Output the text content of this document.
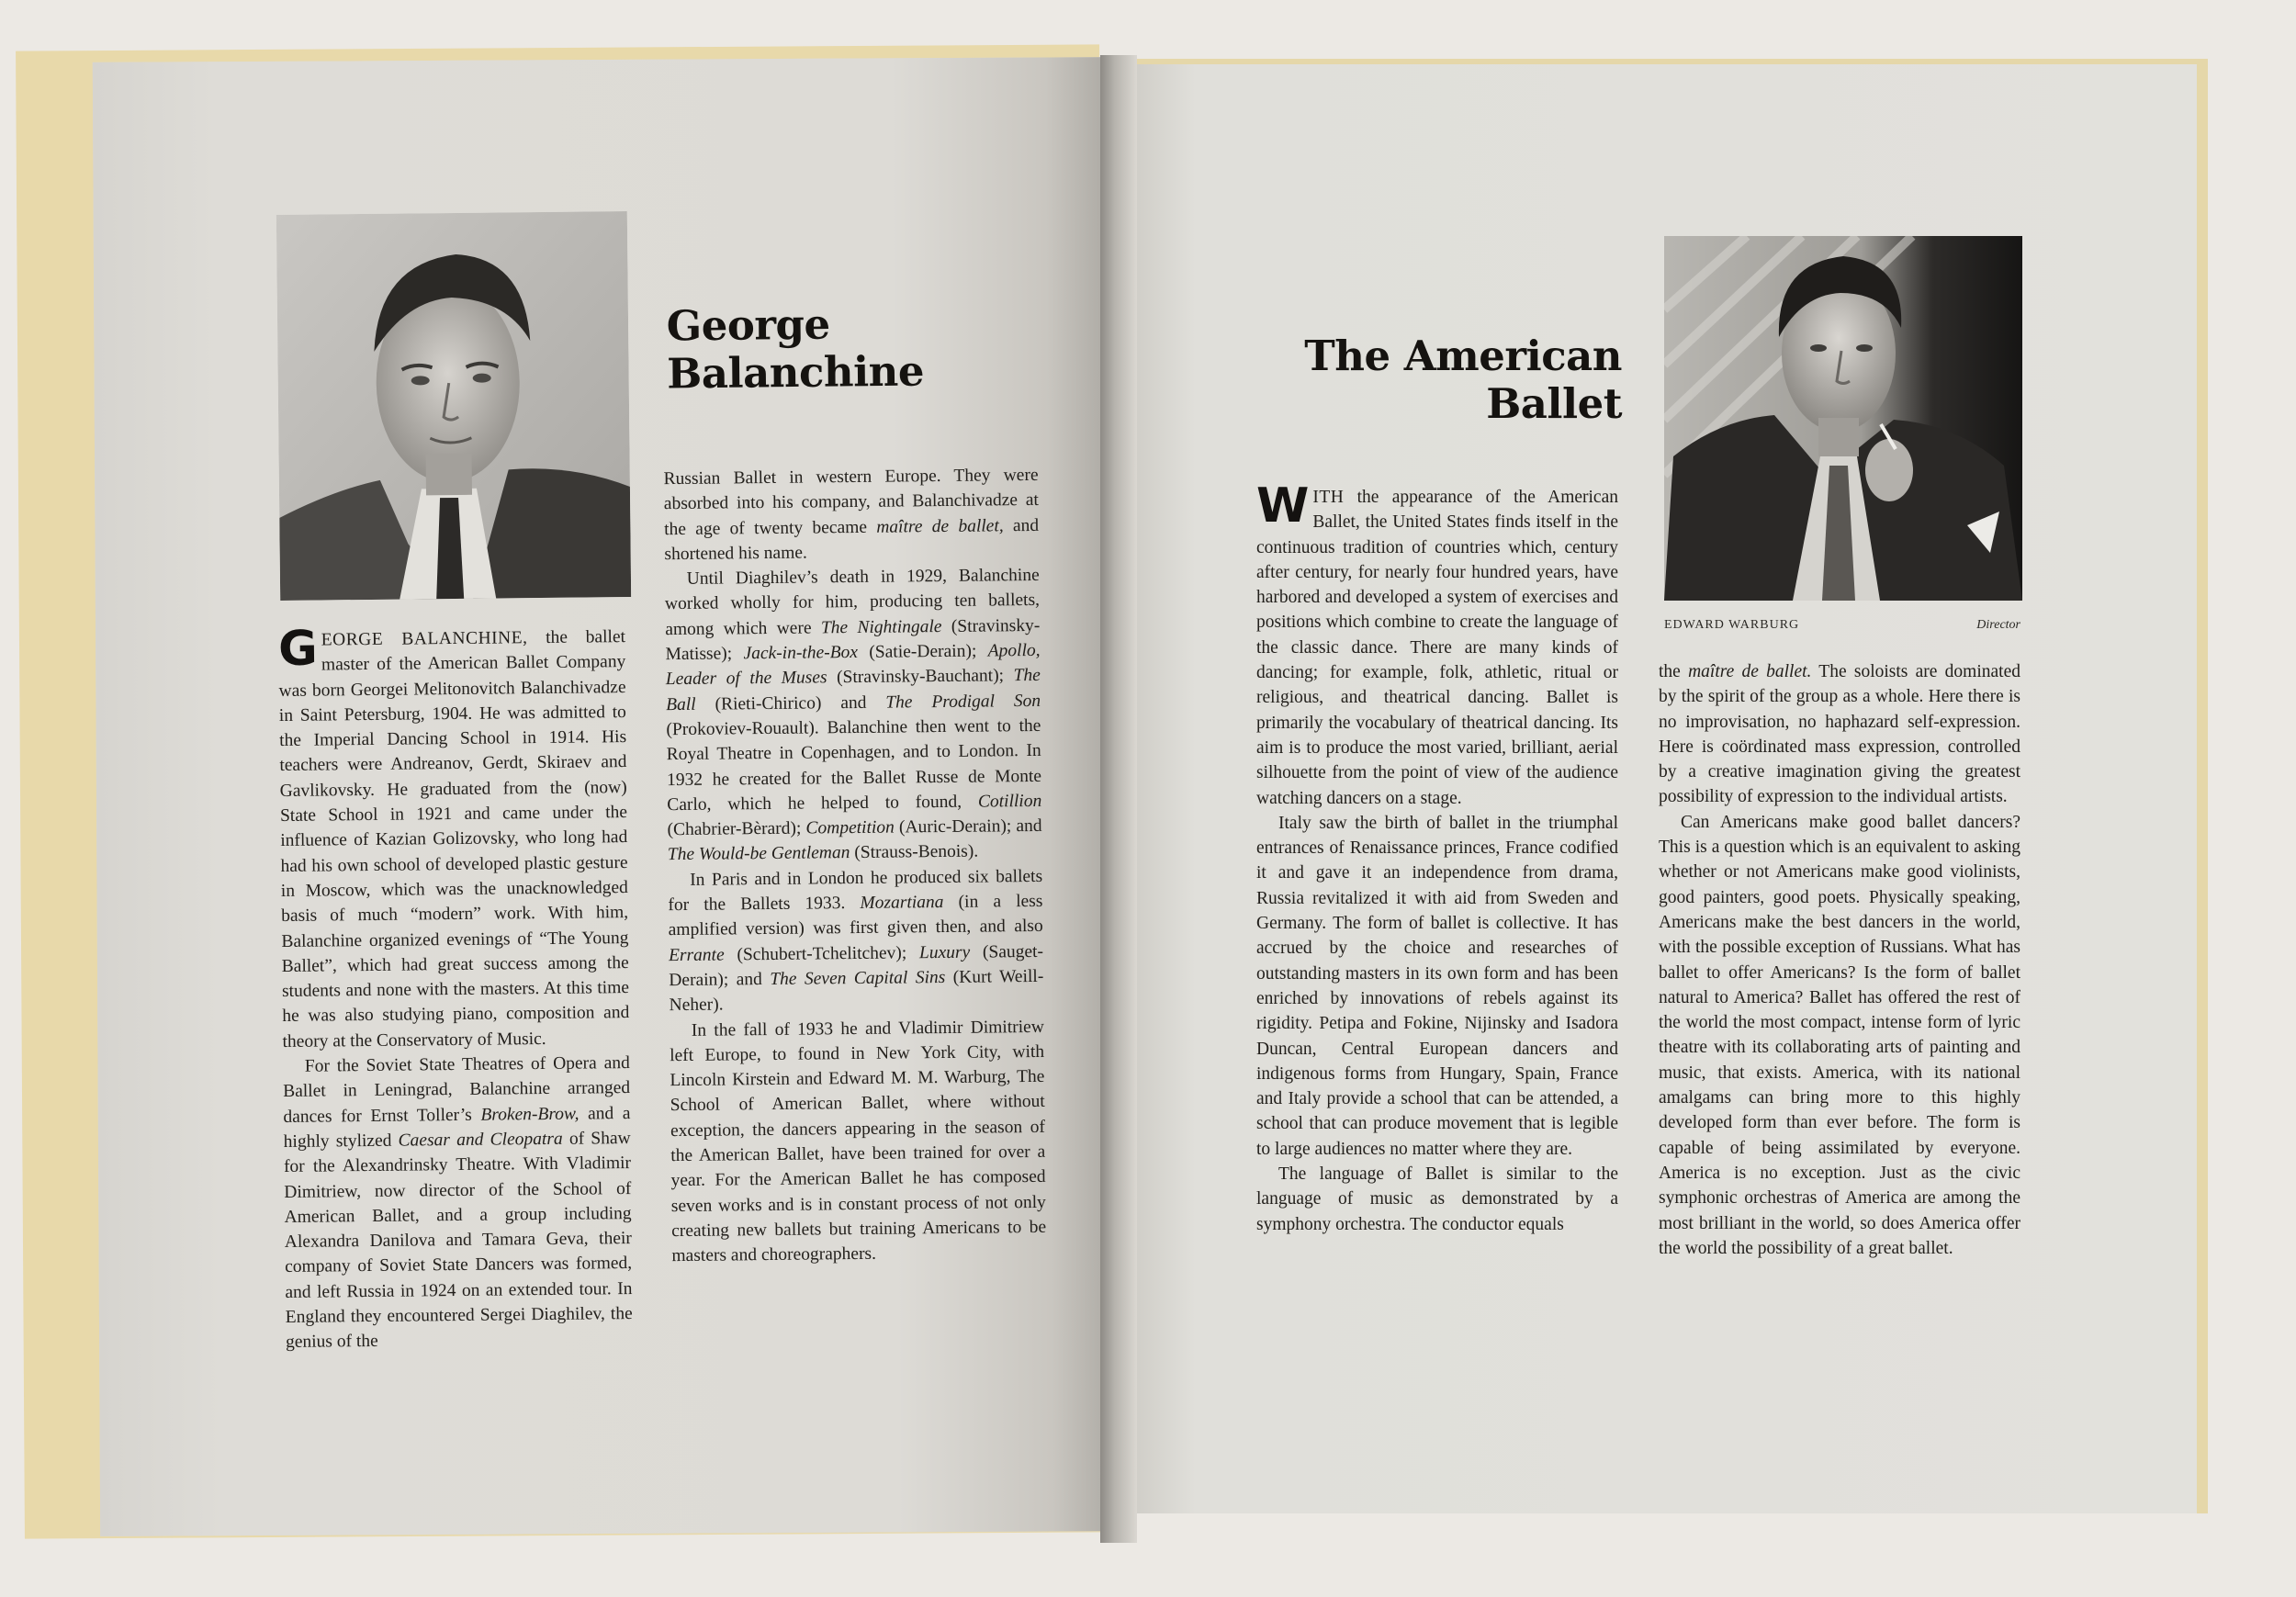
George
Balanchine

GEORGE BALANCHINE, the ballet master of the American Ballet Company was born Georgei Melitonovitch Balanchivadze in Saint Petersburg, 1904. He was admitted to the Imperial Dancing School in 1914. His teachers were Andreanov, Gerdt, Skiraev and Gavlikovsky. He graduated from the (now) State School in 1921 and came under the influence of Kazian Golizovsky, who long had had his own school of developed plastic gesture in Moscow, which was the unacknowledged basis of much “modern” work. With him, Balanchine organized evenings of “The Young Ballet”, which had great success among the students and none with the masters. At this time he was also studying piano, composition and theory at the Conservatory of Music.

For the Soviet State Theatres of Opera and Ballet in Leningrad, Balanchine arranged dances for Ernst Toller’s Broken-Brow, and a highly stylized Caesar and Cleopatra of Shaw for the Alexandrinsky Theatre. With Vladimir Dimitriew, now director of the School of American Ballet, and a group including Alexandra Danilova and Tamara Geva, their company of Soviet State Dancers was formed, and left Russia in 1924 on an extended tour. In England they encountered Sergei Diaghilev, the genius of the

Russian Ballet in western Europe. They were absorbed into his company, and Balanchivadze at the age of twenty became maître de ballet, and shortened his name.

Until Diaghilev’s death in 1929, Balanchine worked wholly for him, producing ten ballets, among which were The Nightingale (Stravinsky-Matisse); Jack-in-the-Box (Satie-Derain); Apollo, Leader of the Muses (Stravinsky-Bauchant); The Ball (Rieti-Chirico) and The Prodigal Son (Prokoviev-Rouault). Balanchine then went to the Royal Theatre in Copenhagen, and to London. In 1932 he created for the Ballet Russe de Monte Carlo, which he helped to found, Cotillion (Chabrier-Bèrard); Competition (Auric-Derain); and The Would-be Gentleman (Strauss-Benois).

In Paris and in London he produced six ballets for the Ballets 1933. Mozartiana (in a less amplified version) was first given then, and also Errante (Schubert-Tchelitchev); Luxury (Sauget-Derain); and The Seven Capital Sins (Kurt Weill-Neher).

In the fall of 1933 he and Vladimir Dimitriew left Europe, to found in New York City, with Lincoln Kirstein and Edward M. M. Warburg, The School of American Ballet, where without exception, the dancers appearing in the season of the American Ballet, have been trained for over a year. For the American Ballet he has composed seven works and is in constant process of not only creating new ballets but training Americans to be masters and choreographers.

The American
Ballet
EDWARD WARBURG	Director

WITH the appearance of the American Ballet, the United States finds itself in the continuous tradition of countries which, century after century, for nearly four hundred years, have harbored and developed a system of exercises and positions which combine to create the language of the classic dance. There are many kinds of dancing; for example, folk, athletic, ritual or religious, and theatrical dancing. Ballet is primarily the vocabulary of theatrical dancing. Its aim is to produce the most varied, brilliant, aerial silhouette from the point of view of the audience watching dancers on a stage.

Italy saw the birth of ballet in the triumphal entrances of Renaissance princes, France codified it and gave it an independence from drama, Russia revitalized it with aid from Sweden and Germany. The form of ballet is collective. It has accrued by the choice and researches of outstanding masters in its own form and has been enriched by innovations of rebels against its rigidity. Petipa and Fokine, Nijinsky and Isadora Duncan, Central European dancers and indigenous forms from Hungary, Spain, France and Italy provide a school that can be attended, a school that can produce movement that is legible to large audiences no matter where they are.

The language of Ballet is similar to the language of music as demonstrated by a symphony orchestra. The conductor equals

the maître de ballet. The soloists are dominated by the spirit of the group as a whole. Here there is no improvisation, no haphazard self-expression. Here is coördinated mass expression, controlled by a creative imagination giving the greatest possibility of expression to the individual artists.

Can Americans make good ballet dancers? This is a question which is an equivalent to asking whether or not Americans make good violinists, good painters, good poets. Physically speaking, Americans make the best dancers in the world, with the possible exception of Russians. What has ballet to offer Americans? Is the form of ballet natural to America? Ballet has offered the rest of the world the most compact, intense form of lyric theatre with its collaborating arts of painting and music, that exists. America, with its national amalgams can bring more to this highly developed form than ever before. The form is capable of being assimilated by everyone. America is no exception. Just as the civic symphonic orchestras of America are among the most brilliant in the world, so does America offer the world the possibility of a great ballet.
